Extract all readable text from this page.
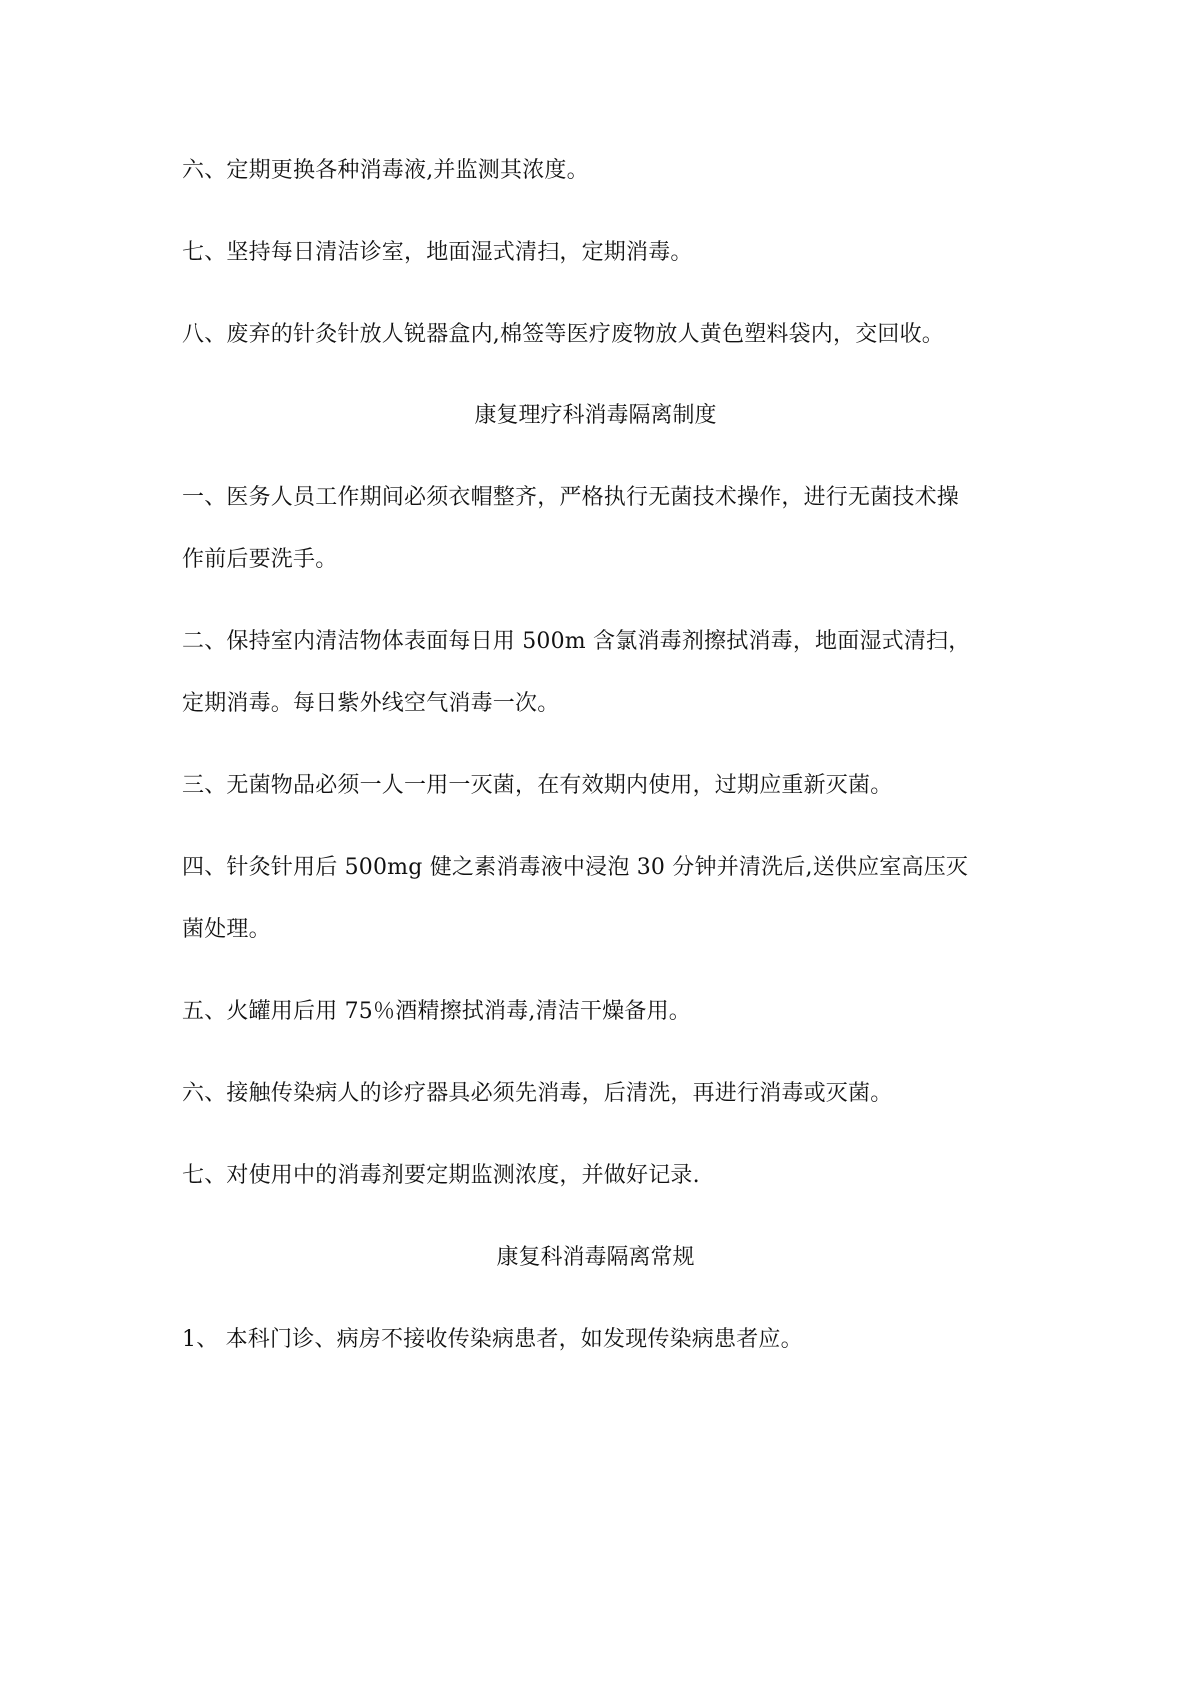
六、定期更换各种消毒液,并监测其浓度。
七、坚持每日清洁诊室，地面湿式清扫，定期消毒。
八、废弃的针灸针放人锐器盒内,棉签等医疗废物放人黄色塑料袋内，交回收。
康复理疗科消毒隔离制度
一、医务人员工作期间必须衣帽整齐，严格执行无菌技术操作，进行无菌技术操
作前后要洗手。
二、保持室内清洁物体表面每日用 500m 含氯消毒剂擦拭消毒，地面湿式清扫，
定期消毒。每日紫外线空气消毒一次。
三、无菌物品必须一人一用一灭菌，在有效期内使用，过期应重新灭菌。
四、针灸针用后 500mg 健之素消毒液中浸泡 30 分钟并清洗后,送供应室高压灭
菌处理。
五、火罐用后用 75％酒精擦拭消毒,清洁干燥备用。
六、接触传染病人的诊疗器具必须先消毒，后清洗，再进行消毒或灭菌。
七、对使用中的消毒剂要定期监测浓度，并做好记录.
康复科消毒隔离常规
1、 本科门诊、病房不接收传染病患者，如发现传染病患者应。
